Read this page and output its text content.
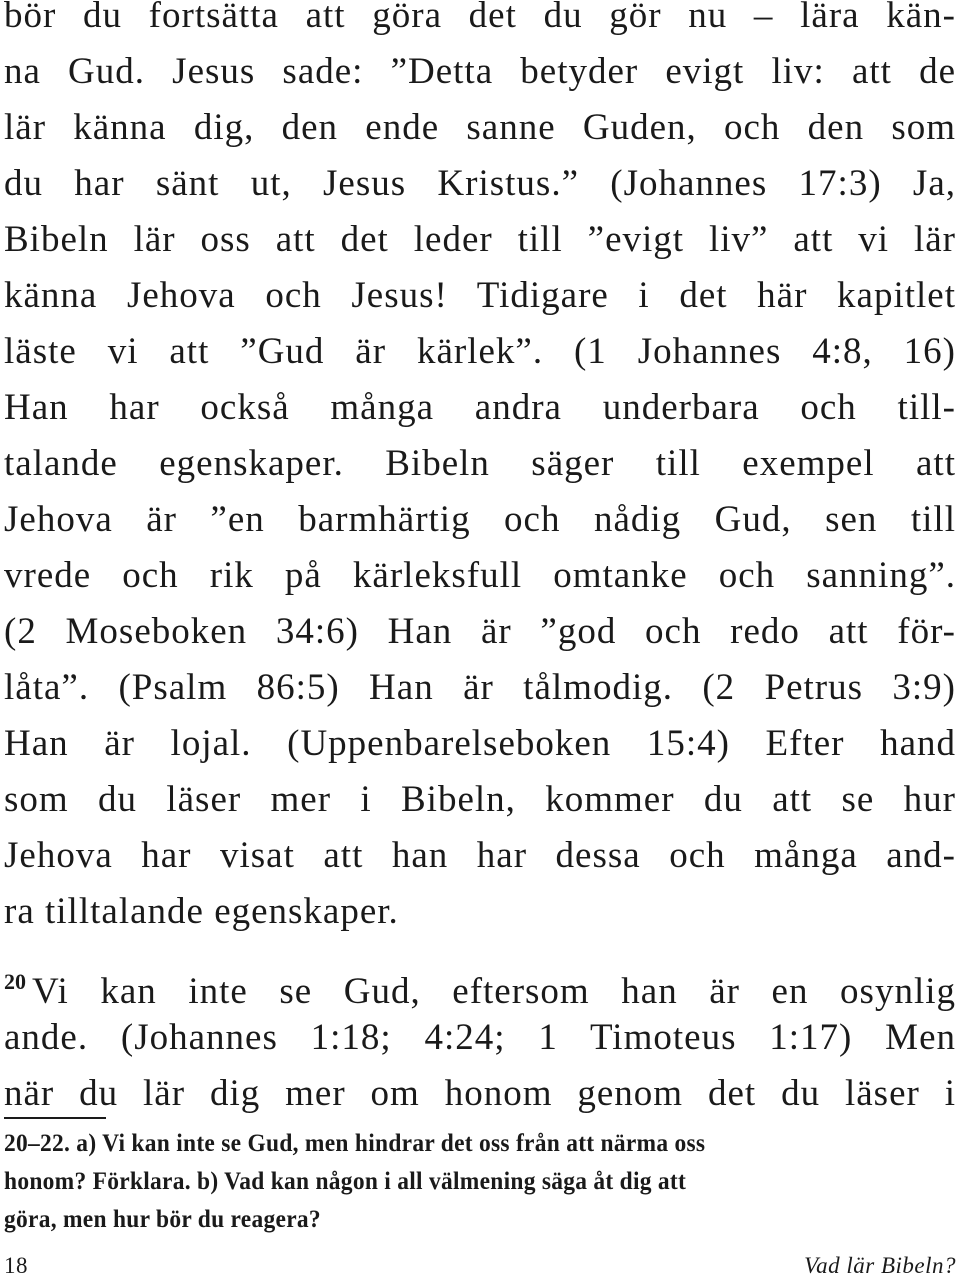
bör du fortsätta att göra det du gör nu – lära kän-
na Gud. Jesus sade: ”Detta betyder evigt liv: att de
lär känna dig, den ende sanne Guden, och den som
du har sänt ut, Jesus Kristus.” (Johannes 17:3) Ja,
Bibeln lär oss att det leder till ”evigt liv” att vi lär
känna Jehova och Jesus! Tidigare i det här kapitlet
läste vi att ”Gud är kärlek”. (1 Johannes 4:8, 16)
Han har också många andra underbara och till-
talande egenskaper. Bibeln säger till exempel att
Jehova är ”en barmhärtig och nådig Gud, sen till
vrede och rik på kärleksfull omtanke och sanning”.
(2 Moseboken 34:6) Han är ”god och redo att för-
låta”. (Psalm 86:5) Han är tålmodig. (2 Petrus 3:9)
Han är lojal. (Uppenbarelseboken 15:4) Efter hand
som du läser mer i Bibeln, kommer du att se hur
Jehova har visat att han har dessa och många and-
ra tilltalande egenskaper.
$^{20}$ Vi kan inte se Gud, eftersom han är en osynlig
ande. (Johannes 1:18; 4:24; 1 Timoteus 1:17) Men
när du lär dig mer om honom genom det du läser i
20–22. a) Vi kan inte se Gud, men hindrar det oss från att närma oss
honom? Förklara. b) Vad kan någon i all välmening säga åt dig att
göra, men hur bör du reagera?
18	Vad lär Bibeln?
